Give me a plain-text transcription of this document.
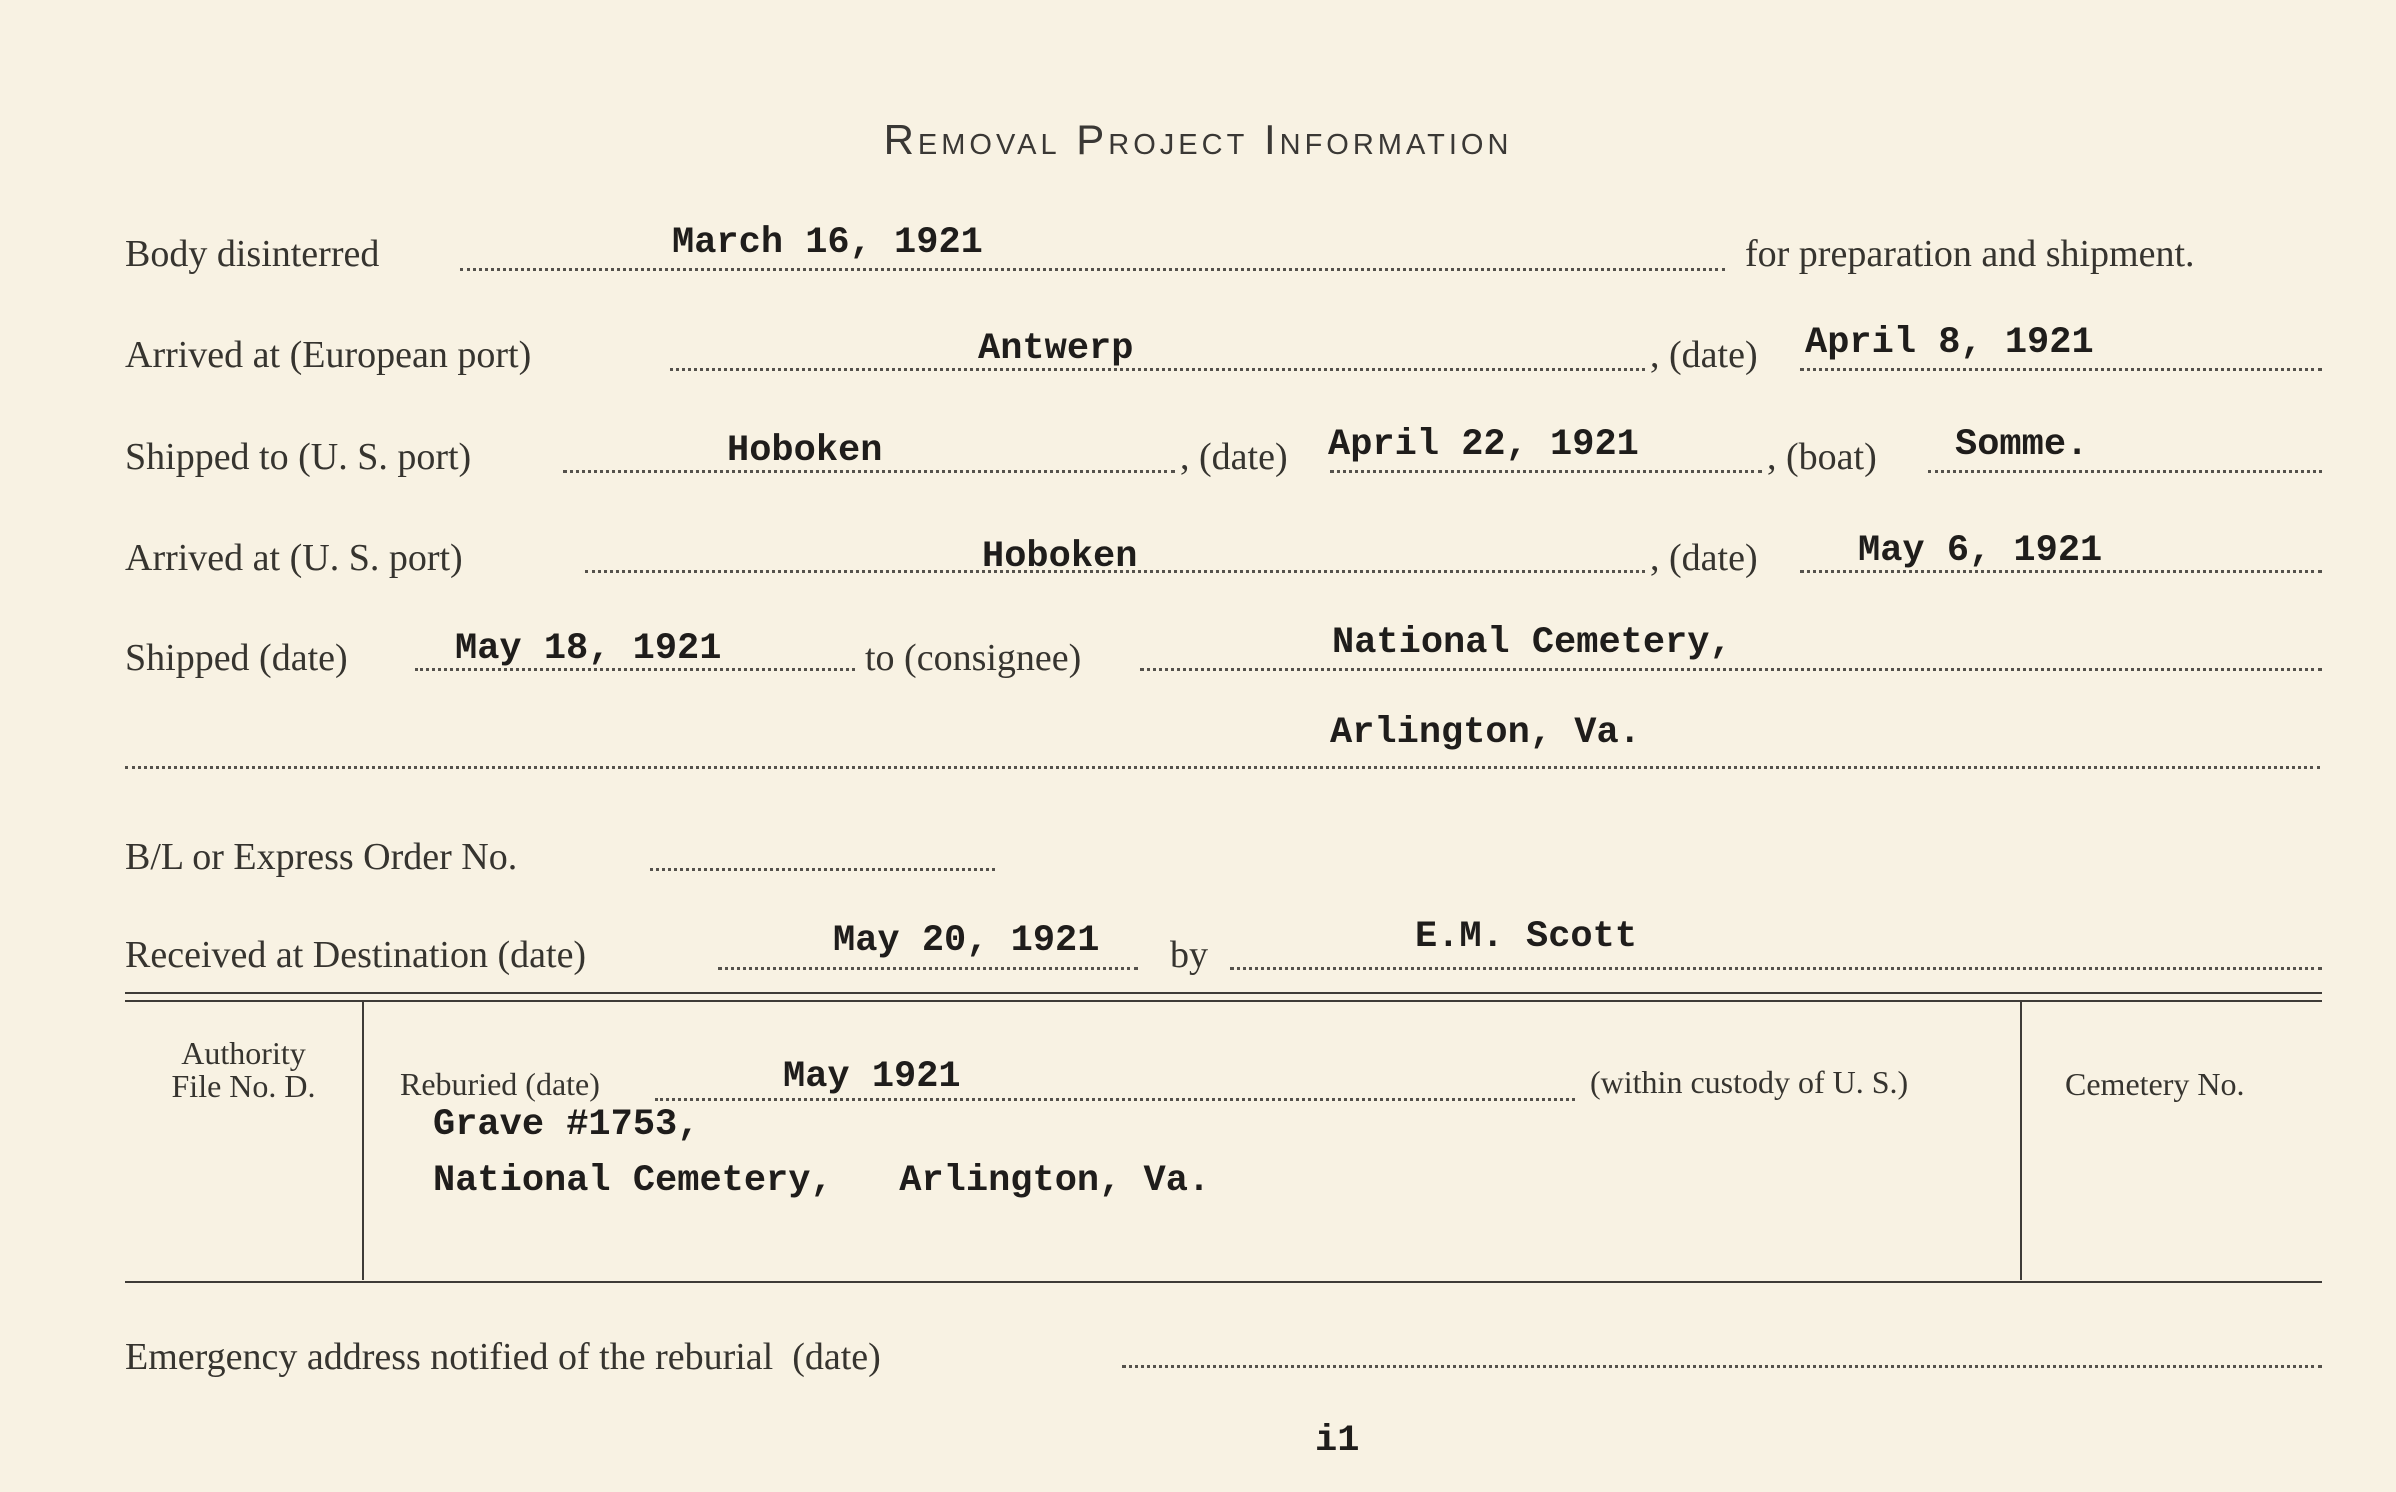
Removal Project Information
Body disinterred	March 16, 1921	for preparation and shipment.
Arrived at (European port)	Antwerp	, (date) April 8, 1921
Shipped to (U. S. port)	Hoboken	, (date) April 22, 1921	, (boat) Somme.
Arrived at (U. S. port)	Hoboken	, (date)	May 6, 1921
Shipped (date)	May 18, 1921	to (consignee)	National Cemetery,
Arlington, Va.
B/L or Express Order No.
Received at Destination (date)	May 20, 1921 by	E.M. Scott
Authority
File No. D.	Reburied (date)	May 1921	(within custody of U. S.)
Grave #1753,
National Cemetery,   Arlington, Va.
Cemetery No.
Emergency address notified of the reburial  (date)
i1
